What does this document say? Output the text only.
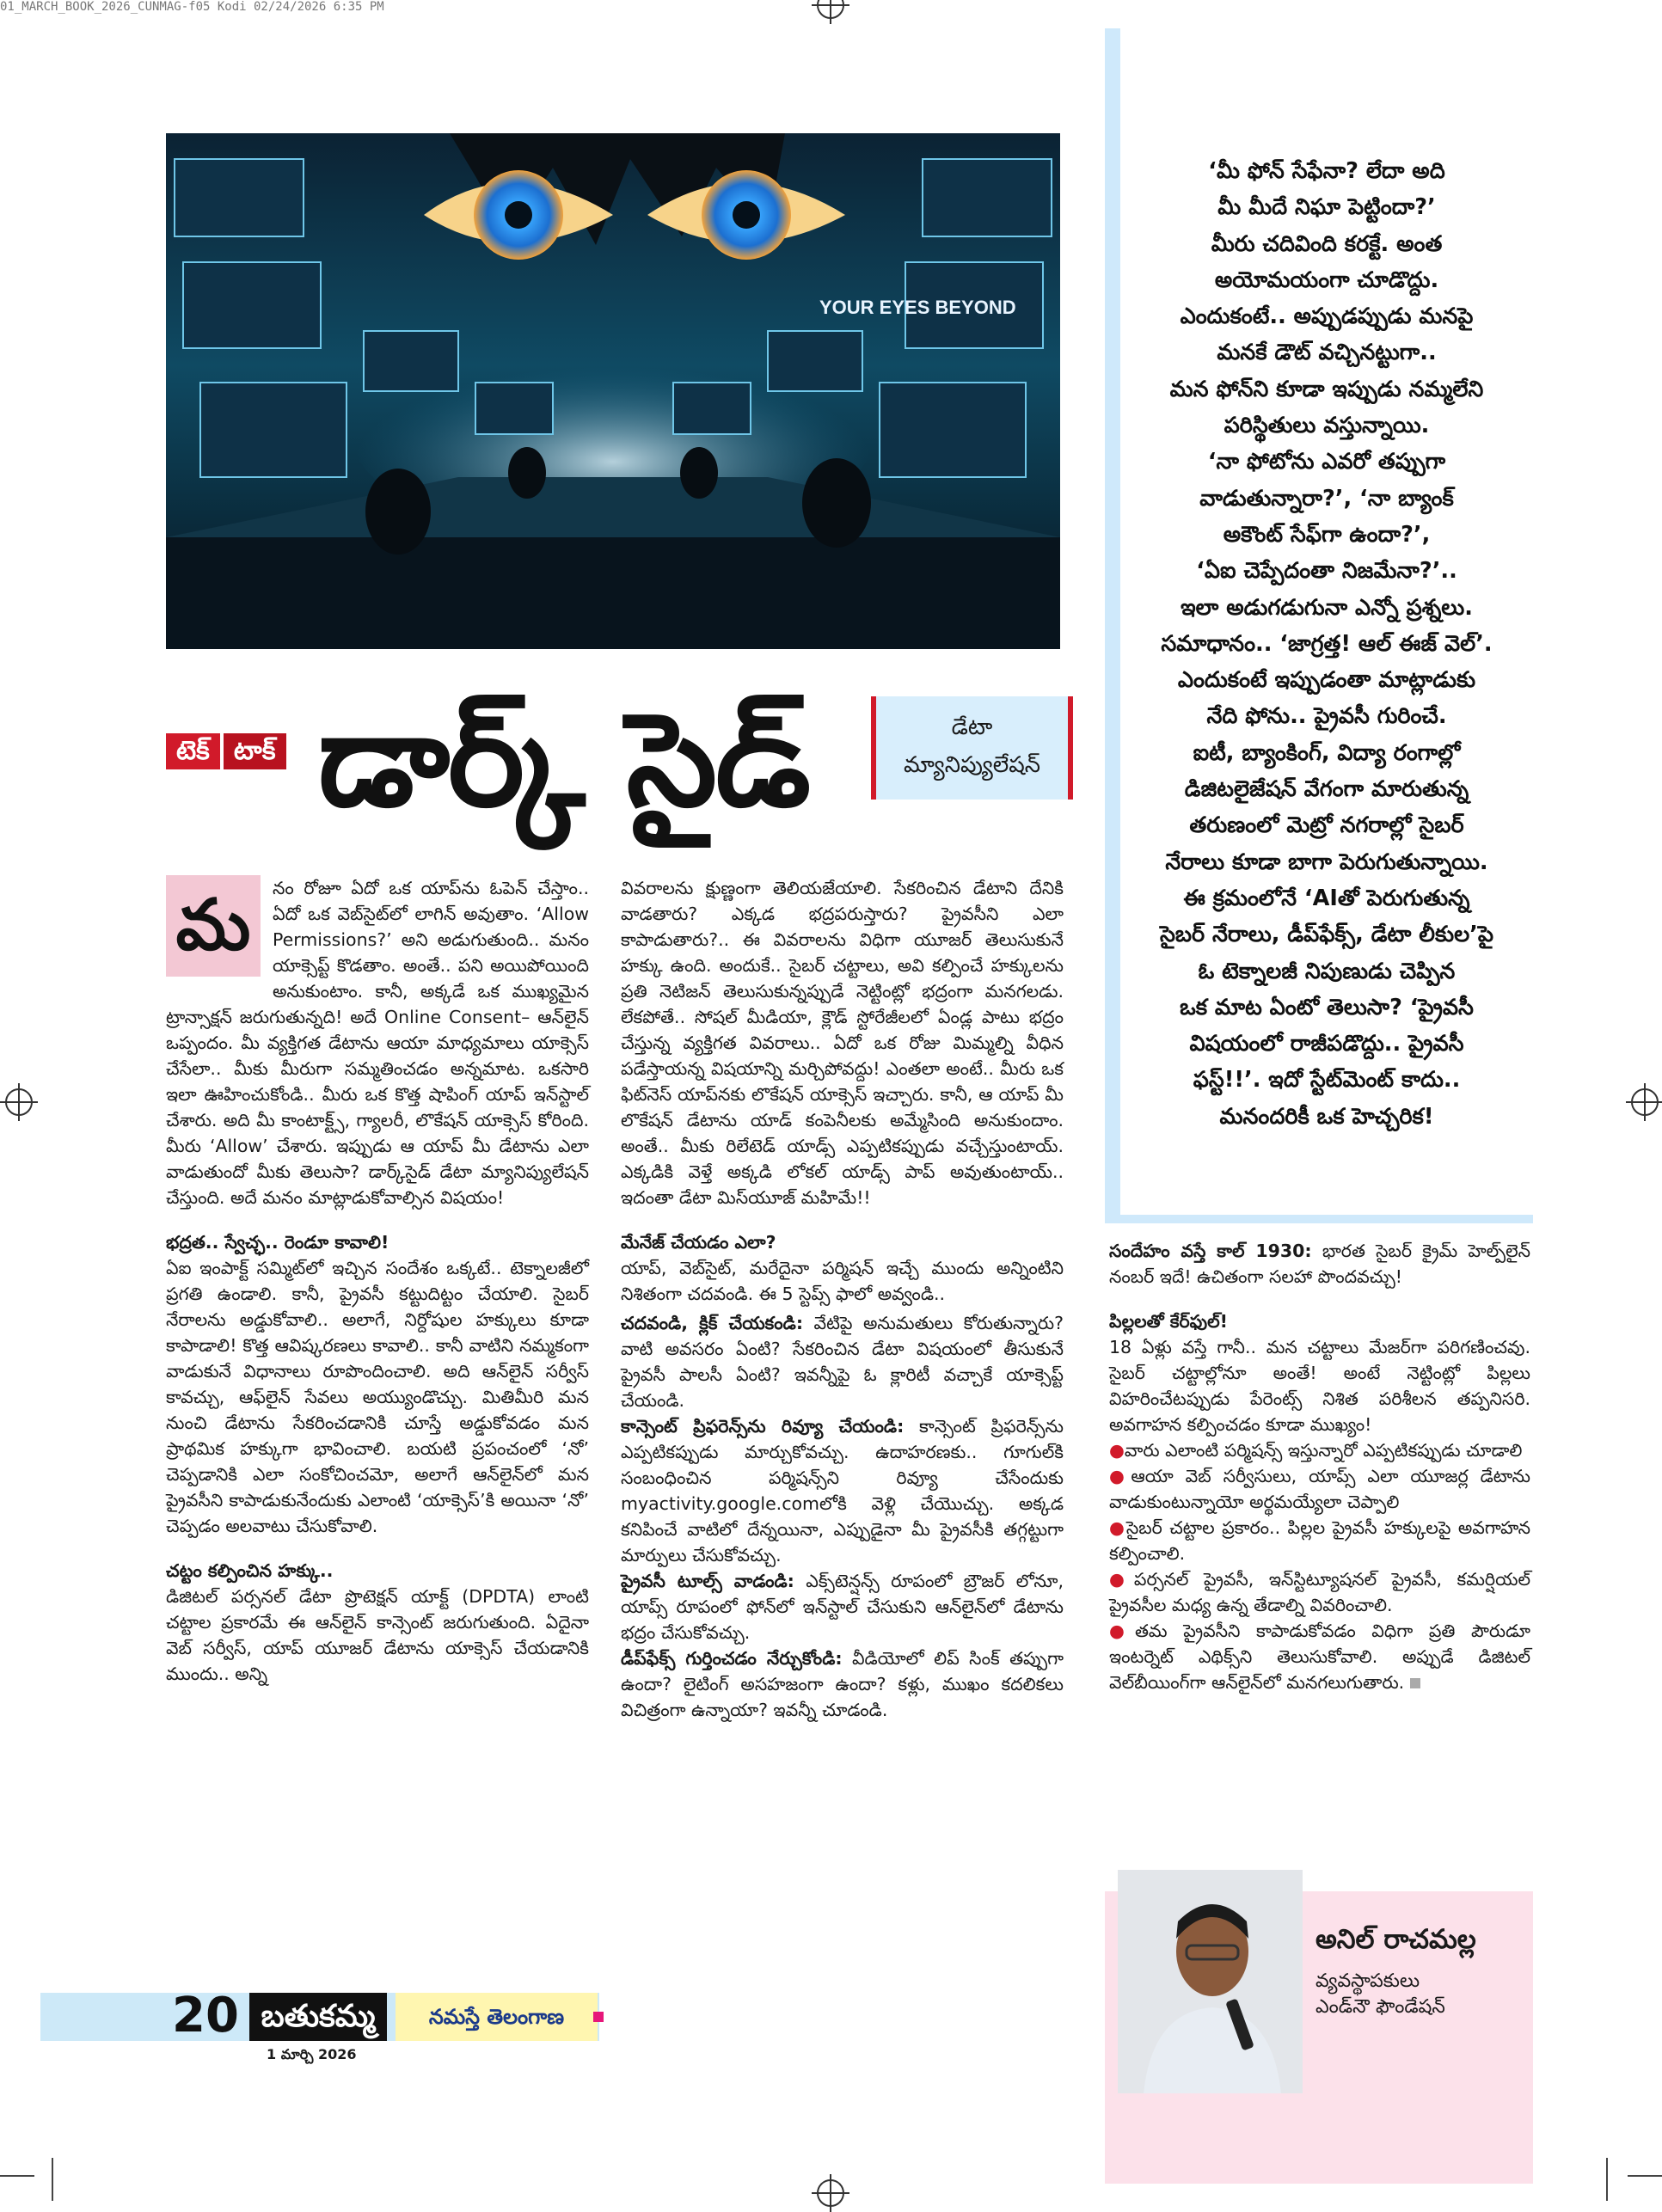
01_MARCH_BOOK_2026_CUNMAG-f05 Kodi 02/24/2026 6:35 PM
YOUR EYES BEYOND
టెక్ టాక్ డార్క్ సైడ్	డేటా
మ్యానిప్యులేషన్
మ	నం రోజూ ఏదో ఒక యాప్‌ను ఓపెన్ చేస్తాం.. ఏదో ఒక వెబ్‌సైట్‌లో లాగిన్ అవుతాం. ‘Allow Permissions?’ అని అడుగుతుంది.. మనం యాక్సెప్ట్ కొడతాం. అంతే.. పని అయిపోయింది అనుకుంటాం. కానీ, అక్కడే ఒక ముఖ్యమైన ట్రాన్సాక్షన్ జరుగుతున్నది! అదే Online Consent– ఆన్‌లైన్ ఒప్పందం. మీ వ్యక్తిగత డేటాను ఆయా మాధ్యమాలు యాక్సెస్ చేసేలా.. మీకు మీరుగా సమ్మతించడం అన్నమాట. ఒకసారి ఇలా ఊహించుకోండి.. మీరు ఒక కొత్త షాపింగ్ యాప్ ఇన్‌స్టాల్ చేశారు. అది మీ కాంటాక్ట్స్, గ్యాలరీ, లొకేషన్ యాక్సెస్ కోరింది. మీరు ‘Allow’ చేశారు. ఇప్పుడు ఆ యాప్ మీ డేటాను ఎలా వాడుతుందో మీకు తెలుసా? డార్క్‌సైడ్ డేటా మ్యానిప్యులేషన్ చేస్తుంది. అదే మనం మాట్లాడుకోవాల్సిన విషయం!

భద్రత.. స్వేచ్ఛ.. రెండూ కావాలి!

ఏఐ ఇంపాక్ట్ సమ్మిట్‌లో ఇచ్చిన సందేశం ఒక్కటే.. టెక్నాలజీలో ప్రగతి ఉండాలి. కానీ, ప్రైవసీ కట్టుదిట్టం చేయాలి. సైబర్ నేరాలను అడ్డుకోవాలి.. అలాగే, నిర్దోషుల హక్కులు కూడా కాపాడాలి! కొత్త ఆవిష్కరణలు కావాలి.. కానీ వాటిని నమ్మకంగా వాడుకునే విధానాలు రూపొందించాలి. అది ఆన్‌లైన్ సర్వీస్ కావచ్చు, ఆఫ్‌లైన్ సేవలు అయ్యుండొచ్చు. మితిమీరి మన నుంచి డేటాను సేకరించడానికి చూస్తే అడ్డుకోవడం మన ప్రాథమిక హక్కుగా భావించాలి. బయటి ప్రపంచంలో ‘నో’ చెప్పడానికి ఎలా సంకోచించమో, అలాగే ఆన్‌లైన్‌లో మన ప్రైవసీని కాపాడుకునేందుకు ఎలాంటి ‘యాక్సెస్’కి అయినా ‘నో’ చెప్పడం అలవాటు చేసుకోవాలి.

చట్టం కల్పించిన హక్కు..

డిజిటల్ పర్సనల్ డేటా ప్రొటెక్షన్ యాక్ట్ (DPDTA) లాంటి చట్టాల ప్రకారమే ఈ ఆన్‌లైన్ కాన్సెంట్ జరుగుతుంది. ఏదైనా వెబ్ సర్వీస్, యాప్ యూజర్ డేటాను యాక్సెస్ చేయడానికి ముందు.. అన్ని

వివరాలను క్షుణ్ణంగా తెలియజేయాలి. సేకరించిన డేటాని దేనికి వాడతారు? ఎక్కడ భద్రపరుస్తారు? ప్రైవసీని ఎలా కాపాడుతారు?.. ఈ వివరాలను విధిగా యూజర్ తెలుసుకునే హక్కు ఉంది. అందుకే.. సైబర్ చట్టాలు, అవి కల్పించే హక్కులను ప్రతి నెటిజన్ తెలుసుకున్నప్పుడే నెట్టింట్లో భద్రంగా మనగలడు. లేకపోతే.. సోషల్ మీడియా, క్లౌడ్ స్టోరేజీలలో ఏండ్ల పాటు భద్రం చేస్తున్న వ్యక్తిగత వివరాలు.. ఏదో ఒక రోజు మిమ్మల్ని వీధిన పడేస్తాయన్న విషయాన్ని మర్చిపోవద్దు! ఎంతలా అంటే.. మీరు ఒక ఫిట్‌నెస్ యాప్‌నకు లొకేషన్ యాక్సెస్ ఇచ్చారు. కానీ, ఆ యాప్ మీ లొకేషన్ డేటాను యాడ్ కంపెనీలకు అమ్మేసింది అనుకుందాం. అంతే.. మీకు రిలేటెడ్ యాడ్స్ ఎప్పటికప్పుడు వచ్చేస్తుంటాయ్. ఎక్కడికి వెళ్తే అక్కడి లోకల్ యాడ్స్ పాప్ అవుతుంటాయ్.. ఇదంతా డేటా మిస్‌యూజ్ మహిమే!!

మేనేజ్ చేయడం ఎలా?

యాప్, వెబ్‌సైట్, మరేదైనా పర్మిషన్ ఇచ్చే ముందు అన్నింటిని నిశితంగా చదవండి. ఈ 5 స్టెప్స్ ఫాలో అవ్వండి..

చదవండి, క్లిక్ చేయకండి: వేటిపై అనుమతులు కోరుతున్నారు? వాటి అవసరం ఏంటి? సేకరించిన డేటా విషయంలో తీసుకునే ప్రైవసీ పాలసీ ఏంటి? ఇవన్నీపై ఓ క్లారిటీ వచ్చాకే యాక్సెప్ట్ చేయండి.

కాన్సెంట్ ప్రిఫరెన్స్‌ను రివ్యూ చేయండి: కాన్సెంట్ ప్రిఫరెన్స్‌ను ఎప్పటికప్పుడు మార్చుకోవచ్చు. ఉదాహరణకు.. గూగుల్‌కి సంబంధించిన పర్మిషన్స్‌ని రివ్యూ చేసేందుకు myactivity.google.comలోకి వెళ్లి చేయొచ్చు. అక్కడ కనిపించే వాటిలో దేన్నయినా, ఎప్పుడైనా మీ ప్రైవసీకి తగ్గట్టుగా మార్పులు చేసుకోవచ్చు.

ప్రైవసీ టూల్స్ వాడండి: ఎక్స్‌టెన్షన్స్ రూపంలో బ్రౌజర్ లోనూ, యాప్స్ రూపంలో ఫోన్‌లో ఇన్‌స్టాల్ చేసుకుని ఆన్‌లైన్‌లో డేటాను భద్రం చేసుకోవచ్చు.

డీప్‌ఫేక్స్ గుర్తించడం నేర్చుకోండి: వీడియోలో లిప్ సింక్ తప్పుగా ఉందా? లైటింగ్ అసహజంగా ఉందా? కళ్లు, ముఖం కదలికలు విచిత్రంగా ఉన్నాయా? ఇవన్నీ చూడండి.

‘మీ ఫోన్ సేఫేనా? లేదా అది
మీ మీదే నిఘా పెట్టిందా?’
మీరు చదివింది కరక్టే. అంత
అయోమయంగా చూడొద్దు.
ఎందుకంటే.. అప్పుడప్పుడు మనపై
మనకే డౌట్ వచ్చినట్టుగా..
మన ఫోన్‌ని కూడా ఇప్పుడు నమ్మలేని
పరిస్థితులు వస్తున్నాయి.
‘నా ఫోటోను ఎవరో తప్పుగా
వాడుతున్నారా?’, ‘నా బ్యాంక్
అకౌంట్ సేఫ్‌గా ఉందా?’,
‘ఏఐ చెప్పేదంతా నిజమేనా?’..
ఇలా అడుగడుగునా ఎన్నో ప్రశ్నలు.
సమాధానం.. ‘జాగ్రత్త! ఆల్ ఈజ్ వెల్’.
ఎందుకంటే ఇప్పుడంతా మాట్లాడుకు
నేది ఫోను.. ప్రైవసీ గురించే.
ఐటీ, బ్యాంకింగ్, విద్యా రంగాల్లో
డిజిటలైజేషన్ వేగంగా మారుతున్న
తరుణంలో మెట్రో నగరాల్లో సైబర్
నేరాలు కూడా బాగా పెరుగుతున్నాయి.
ఈ క్రమంలోనే ‘AIతో పెరుగుతున్న
సైబర్ నేరాలు, డీప్‌ఫేక్స్, డేటా లీకుల’పై
ఓ టెక్నాలజీ నిపుణుడు చెప్పిన
ఒక మాట ఏంటో తెలుసా? ‘ప్రైవసీ
విషయంలో రాజీపడొద్దు.. ప్రైవసీ
ఫస్ట్!!’. ఇదో స్టేట్‌మెంట్ కాదు..
మనందరికీ ఒక హెచ్చరిక!

సందేహం వస్తే కాల్ 1930: భారత సైబర్ క్రైమ్ హెల్ప్‌లైన్ నంబర్ ఇదే! ఉచితంగా సలహా పొందవచ్చు!

పిల్లలతో కేర్‌ఫుల్!

18 ఏళ్లు వస్తే గానీ.. మన చట్టాలు మేజర్‌గా పరిగణించవు. సైబర్ చట్టాల్లోనూ అంతే! అంటే నెట్టింట్లో పిల్లలు విహరించేటప్పుడు పేరెంట్స్ నిశిత పరిశీలన తప్పనిసరి. అవగాహన కల్పించడం కూడా ముఖ్యం!

●వారు ఎలాంటి పర్మిషన్స్ ఇస్తున్నారో ఎప్పటికప్పుడు చూడాలి

●ఆయా వెబ్ సర్వీసులు, యాప్స్ ఎలా యూజర్ల డేటాను వాడుకుంటున్నాయో అర్థమయ్యేలా చెప్పాలి

●సైబర్ చట్టాల ప్రకారం.. పిల్లల ప్రైవసీ హక్కులపై అవగాహన కల్పించాలి.

●పర్సనల్ ప్రైవసీ, ఇన్‌స్టిట్యూషనల్ ప్రైవసీ, కమర్షియల్ ప్రైవసీల మధ్య ఉన్న తేడాల్ని వివరించాలి.

●తమ ప్రైవసీని కాపాడుకోవడం విధిగా ప్రతి పౌరుడూ ఇంటర్నెట్ ఎథిక్స్‌ని తెలుసుకోవాలి. అప్పుడే డిజిటల్ వెల్‌బీయింగ్‌గా ఆన్‌లైన్‌లో మనగలుగుతారు.

అనిల్ రాచమల్ల
వ్యవస్థాపకులు
ఎండ్‌నౌ ఫౌండేషన్
20 బతుకమ్మ
1 మార్చి 2026
నమస్తే తెలంగాణ
